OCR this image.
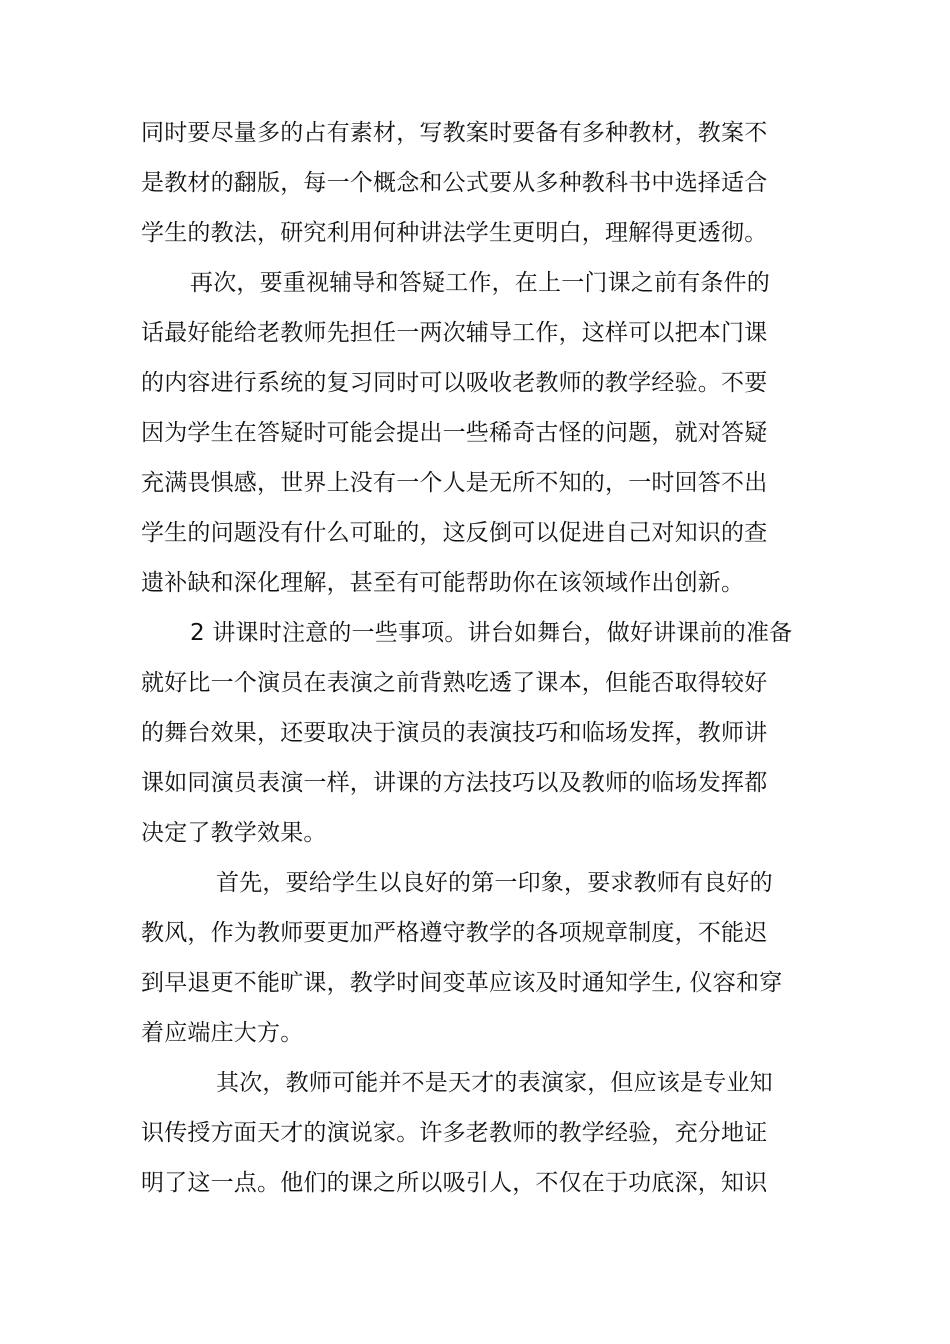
同时要尽量多的占有素材，写教案时要备有多种教材，教案不
是教材的翻版，每一个概念和公式要从多种教科书中选择适合
学生的教法，研究利用何种讲法学生更明白，理解得更透彻。
再次，要重视辅导和答疑工作，在上一门课之前有条件的
话最好能给老教师先担任一两次辅导工作，这样可以把本门课
的内容进行系统的复习同时可以吸收老教师的教学经验。不要
因为学生在答疑时可能会提出一些稀奇古怪的问题，就对答疑
充满畏惧感，世界上没有一个人是无所不知的，一时回答不出
学生的问题没有什么可耻的，这反倒可以促进自己对知识的查
遗补缺和深化理解，甚至有可能帮助你在该领域作出创新。
2 讲课时注意的一些事项。讲台如舞台，做好讲课前的准备
就好比一个演员在表演之前背熟吃透了课本，但能否取得较好
的舞台效果，还要取决于演员的表演技巧和临场发挥，教师讲
课如同演员表演一样，讲课的方法技巧以及教师的临场发挥都
决定了教学效果。
首先，要给学生以良好的第一印象，要求教师有良好的
教风，作为教师要更加严格遵守教学的各项规章制度，不能迟
到早退更不能旷课，教学时间变革应该及时通知学生, 仪容和穿
着应端庄大方。
其次，教师可能并不是天才的表演家，但应该是专业知
识传授方面天才的演说家。许多老教师的教学经验，充分地证
明了这一点。他们的课之所以吸引人，不仅在于功底深，知识
